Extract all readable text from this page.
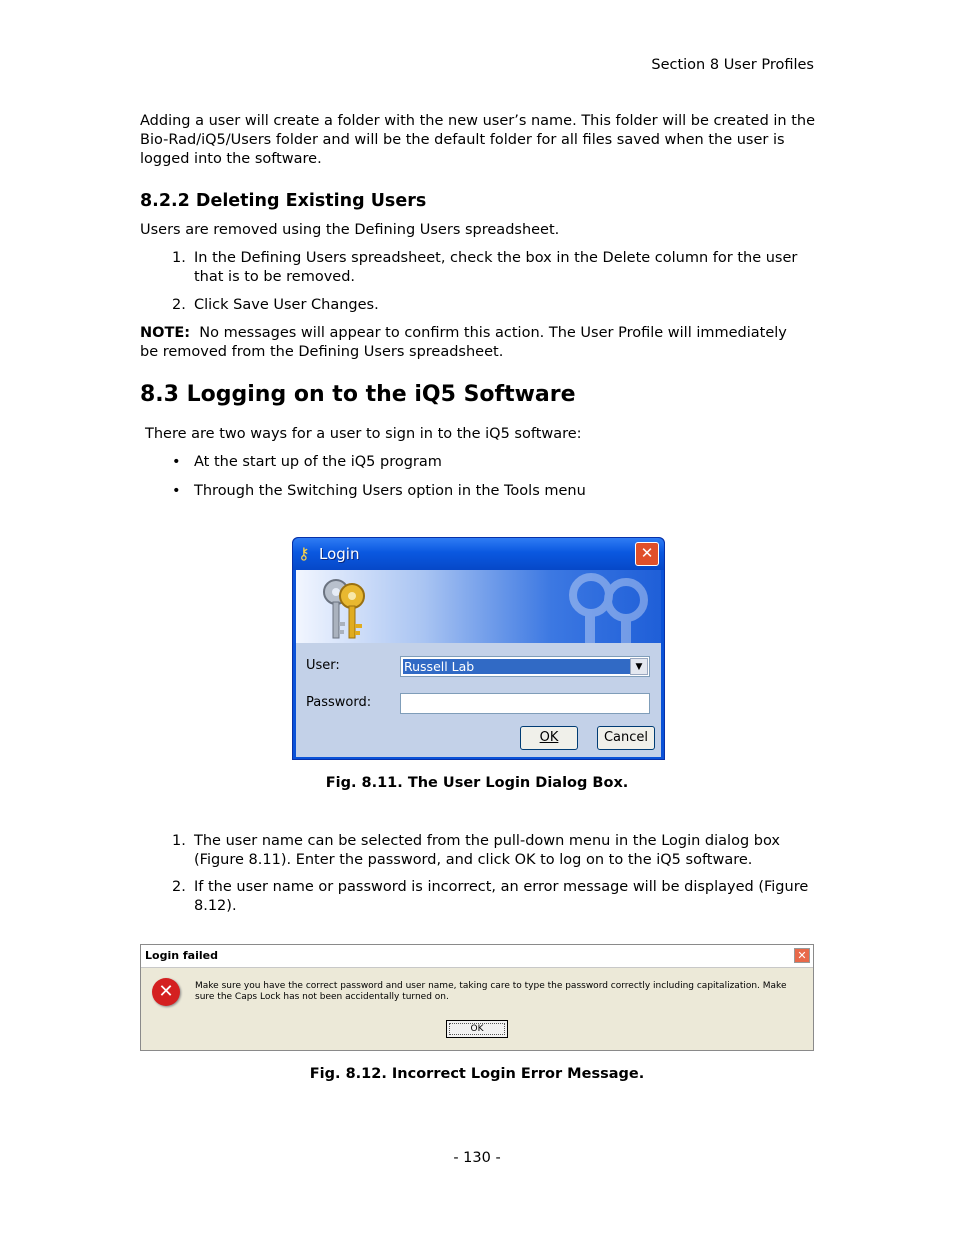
Section 8 User Profiles
Adding a user will create a folder with the new user’s name. This folder will be created in the Bio-Rad/iQ5/Users folder and will be the default folder for all files saved when the user is logged into the software.
8.2.2 Deleting Existing Users
Users are removed using the Defining Users spreadsheet.
1. In the Defining Users spreadsheet, check the box in the Delete column for the user that is to be removed.
2. Click Save User Changes.
NOTE: No messages will appear to confirm this action. The User Profile will immediately be removed from the Defining Users spreadsheet.
8.3 Logging on to the iQ5 Software
There are two ways for a user to sign in to the iQ5 software:
• At the start up of the iQ5 program
• Through the Switching Users option in the Tools menu
⚷ Login	✕
User:	Russell Lab	▼
Password:
OK	Cancel
Fig. 8.11. The User Login Dialog Box.
1. The user name can be selected from the pull-down menu in the Login dialog box (Figure 8.11). Enter the password, and click OK to log on to the iQ5 software.
2. If the user name or password is incorrect, an error message will be displayed (Figure 8.12).
Login failed	✕
✕	Make sure you have the correct password and user name, taking care to type the password correctly including capitalization. Make sure the Caps Lock has not been accidentally turned on.
OK
Fig. 8.12. Incorrect Login Error Message.
- 130 -
